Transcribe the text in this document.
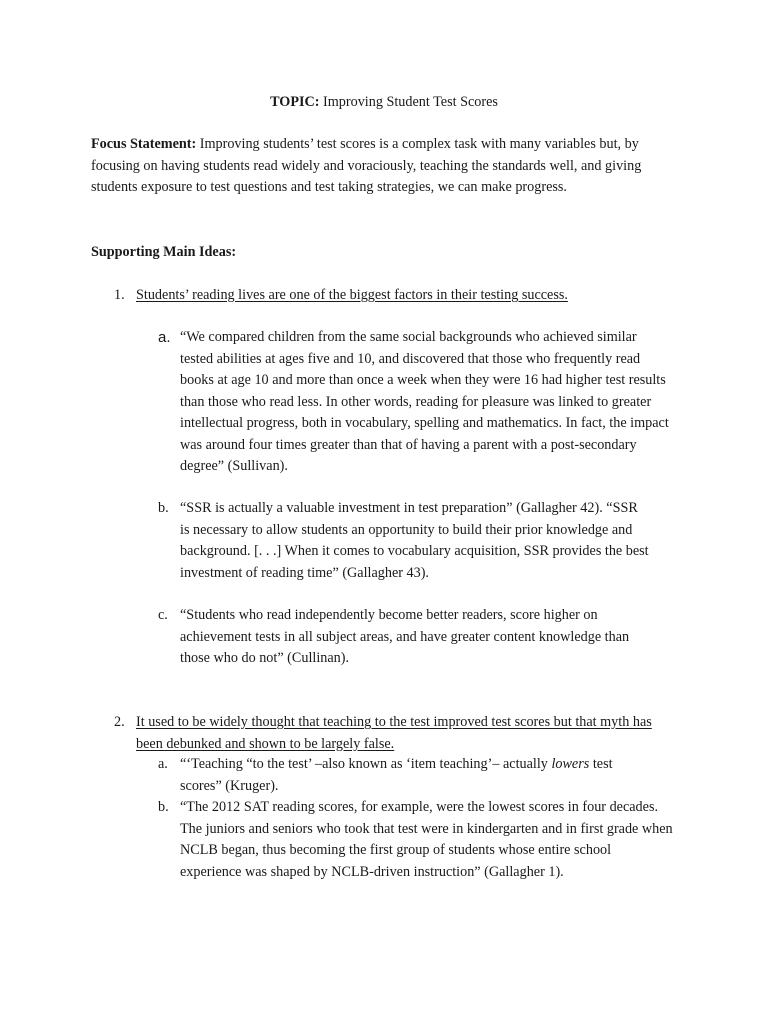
TOPIC: Improving Student Test Scores

Focus Statement: Improving students’ test scores is a complex task with many variables but, by focusing on having students read widely and voraciously, teaching the standards well, and giving students exposure to test questions and test taking strategies, we can make progress.

Supporting Main Ideas:

1. Students’ reading lives are one of the biggest factors in their testing success.
a. “We compared children from the same social backgrounds who achieved similar tested abilities at ages five and 10, and discovered that those who frequently read books at age 10 and more than once a week when they were 16 had higher test results than those who read less. In other words, reading for pleasure was linked to greater intellectual progress, both in vocabulary, spelling and mathematics. In fact, the impact was around four times greater than that of having a parent with a post-secondary degree” (Sullivan).

b. “SSR is actually a valuable investment in test preparation” (Gallagher 42). “SSR is necessary to allow students an opportunity to build their prior knowledge and background. [. . .] When it comes to vocabulary acquisition, SSR provides the best investment of reading time” (Gallagher 43).

c. “Students who read independently become better readers, score higher on achievement tests in all subject areas, and have greater content knowledge than those who do not” (Cullinan).

2. It used to be widely thought that teaching to the test improved test scores but that myth has been debunked and shown to be largely false.
a. “‘Teaching “to the test’ –also known as ‘item teaching’– actually lowers test scores” (Kruger).

b. “The 2012 SAT reading scores, for example, were the lowest scores in four decades. The juniors and seniors who took that test were in kindergarten and in first grade when NCLB began, thus becoming the first group of students whose entire school experience was shaped by NCLB-driven instruction” (Gallagher 1).
